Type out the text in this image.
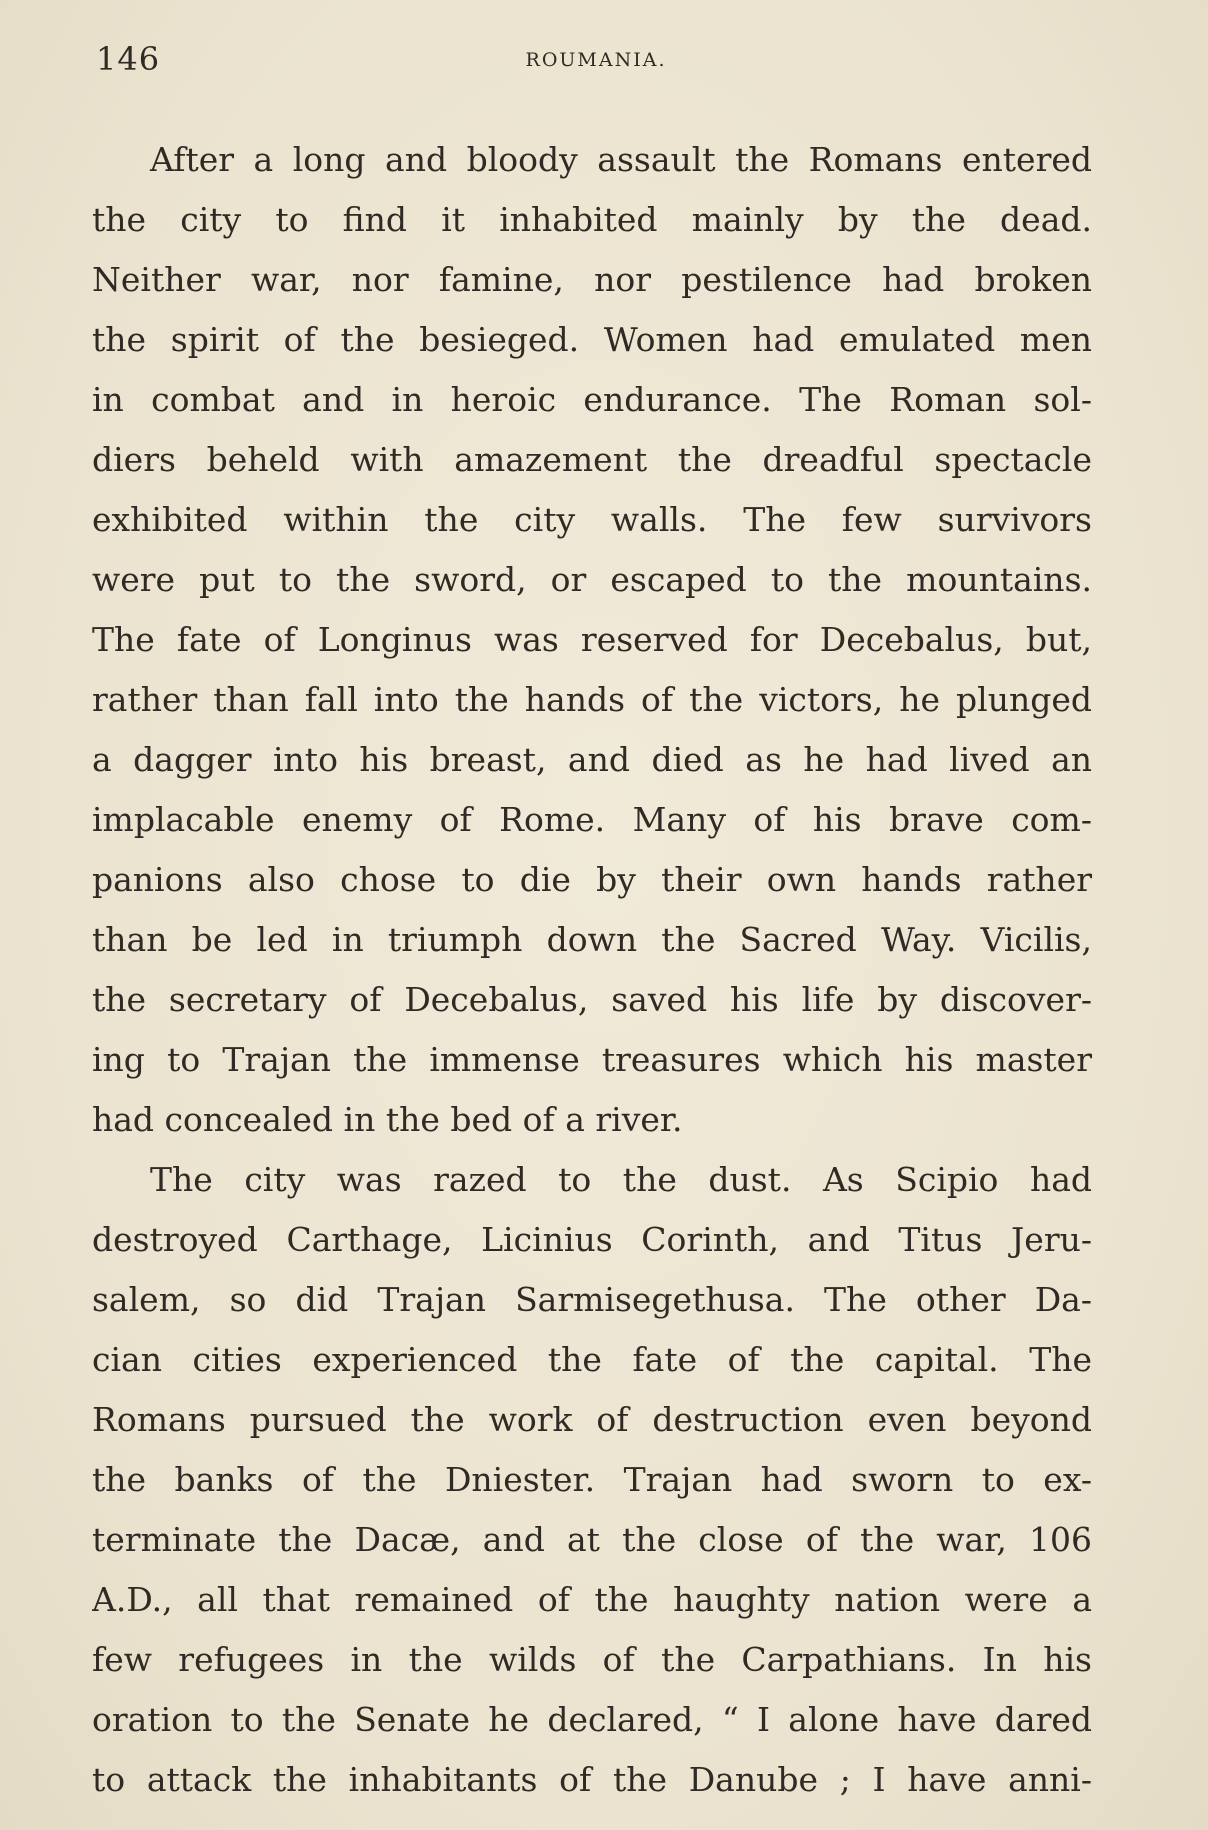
146	ROUMANIA.
After a long and bloody assault the Romans entered
the city to find it inhabited mainly by the dead.
Neither war, nor famine, nor pestilence had broken
the spirit of the besieged. Women had emulated men
in combat and in heroic endurance. The Roman sol-
diers beheld with amazement the dreadful spectacle
exhibited within the city walls. The few survivors
were put to the sword, or escaped to the mountains.
The fate of Longinus was reserved for Decebalus, but,
rather than fall into the hands of the victors, he plunged
a dagger into his breast, and died as he had lived an
implacable enemy of Rome. Many of his brave com-
panions also chose to die by their own hands rather
than be led in triumph down the Sacred Way. Vicilis,
the secretary of Decebalus, saved his life by discover-
ing to Trajan the immense treasures which his master
had concealed in the bed of a river.
The city was razed to the dust. As Scipio had
destroyed Carthage, Licinius Corinth, and Titus Jeru-
salem, so did Trajan Sarmisegethusa. The other Da-
cian cities experienced the fate of the capital. The
Romans pursued the work of destruction even beyond
the banks of the Dniester. Trajan had sworn to ex-
terminate the Dacæ, and at the close of the war, 106
A.D., all that remained of the haughty nation were a
few refugees in the wilds of the Carpathians. In his
oration to the Senate he declared, “ I alone have dared
to attack the inhabitants of the Danube ; I have anni-
